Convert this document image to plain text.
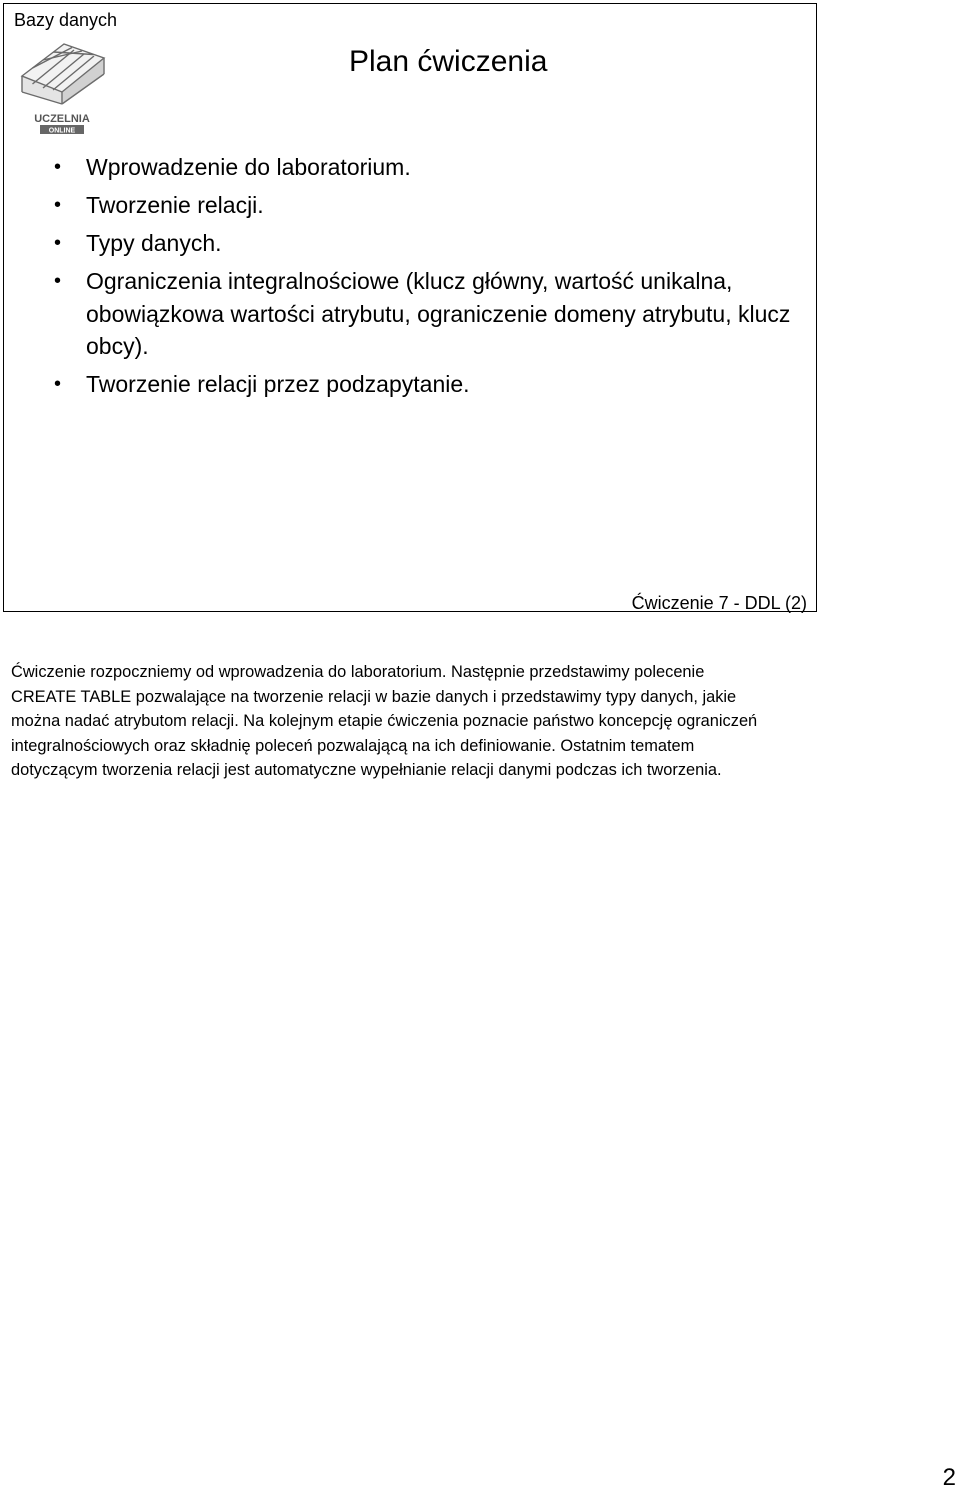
Bazy danych
UCZELNIA
ONLINE
Plan ćwiczenia
• Wprowadzenie do laboratorium.
• Tworzenie relacji.
• Typy danych.
• Ograniczenia integralnościowe (klucz główny, wartość unikalna, obowiązkowa wartości atrybutu, ograniczenie domeny atrybutu, klucz obcy).
• Tworzenie relacji przez podzapytanie.
Ćwiczenie 7 - DDL (2)

Ćwiczenie rozpoczniemy od wprowadzenia do laboratorium. Następnie przedstawimy polecenie CREATE TABLE pozwalające na tworzenie relacji w bazie danych i przedstawimy typy danych, jakie można nadać atrybutom relacji. Na kolejnym etapie ćwiczenia poznacie państwo koncepcję ograniczeń integralnościowych oraz składnię poleceń pozwalającą na ich definiowanie. Ostatnim tematem dotyczącym tworzenia relacji jest automatyczne wypełnianie relacji danymi podczas ich tworzenia.

2
